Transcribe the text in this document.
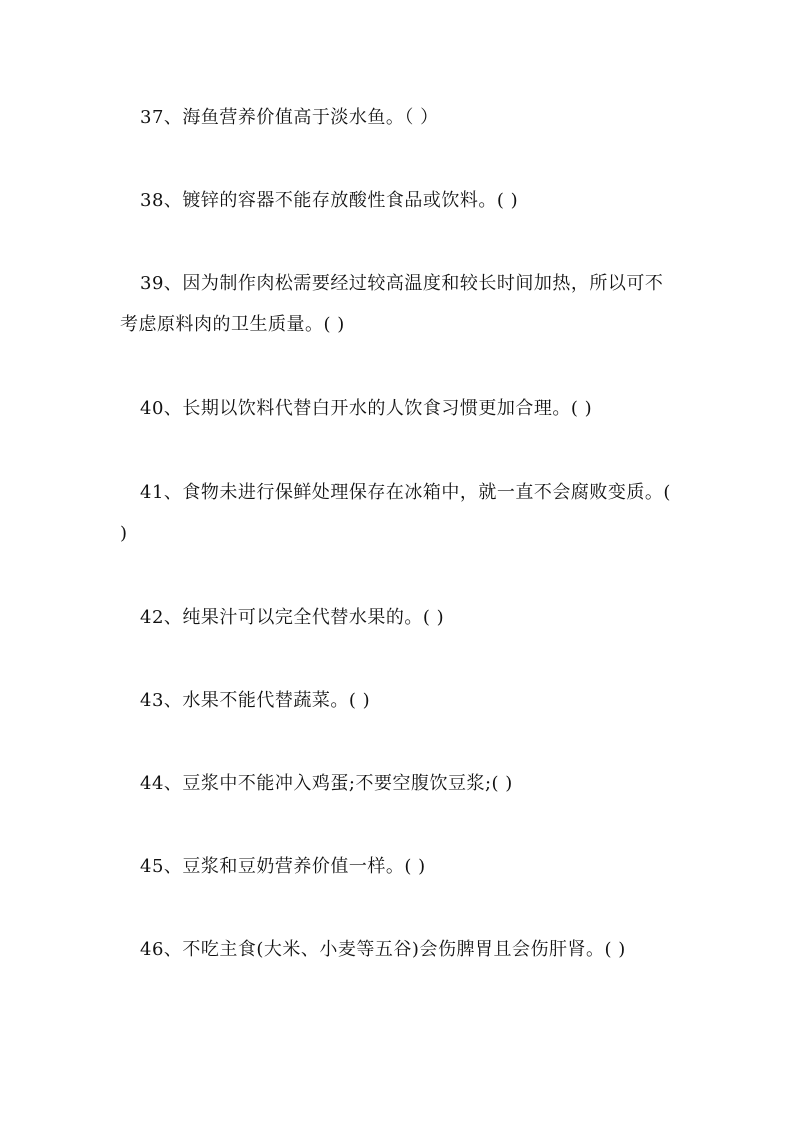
37、海鱼营养价值高于淡水鱼。（ ）

38、镀锌的容器不能存放酸性食品或饮料。( )

39、因为制作肉松需要经过较高温度和较长时间加热，所以可不考虑原料肉的卫生质量。( )

40、长期以饮料代替白开水的人饮食习惯更加合理。( )

41、食物未进行保鲜处理保存在冰箱中，就一直不会腐败变质。( )

42、纯果汁可以完全代替水果的。( )

43、水果不能代替蔬菜。( )

44、豆浆中不能冲入鸡蛋;不要空腹饮豆浆;( )

45、豆浆和豆奶营养价值一样。( )

46、不吃主食(大米、小麦等五谷)会伤脾胃且会伤肝肾。( )
